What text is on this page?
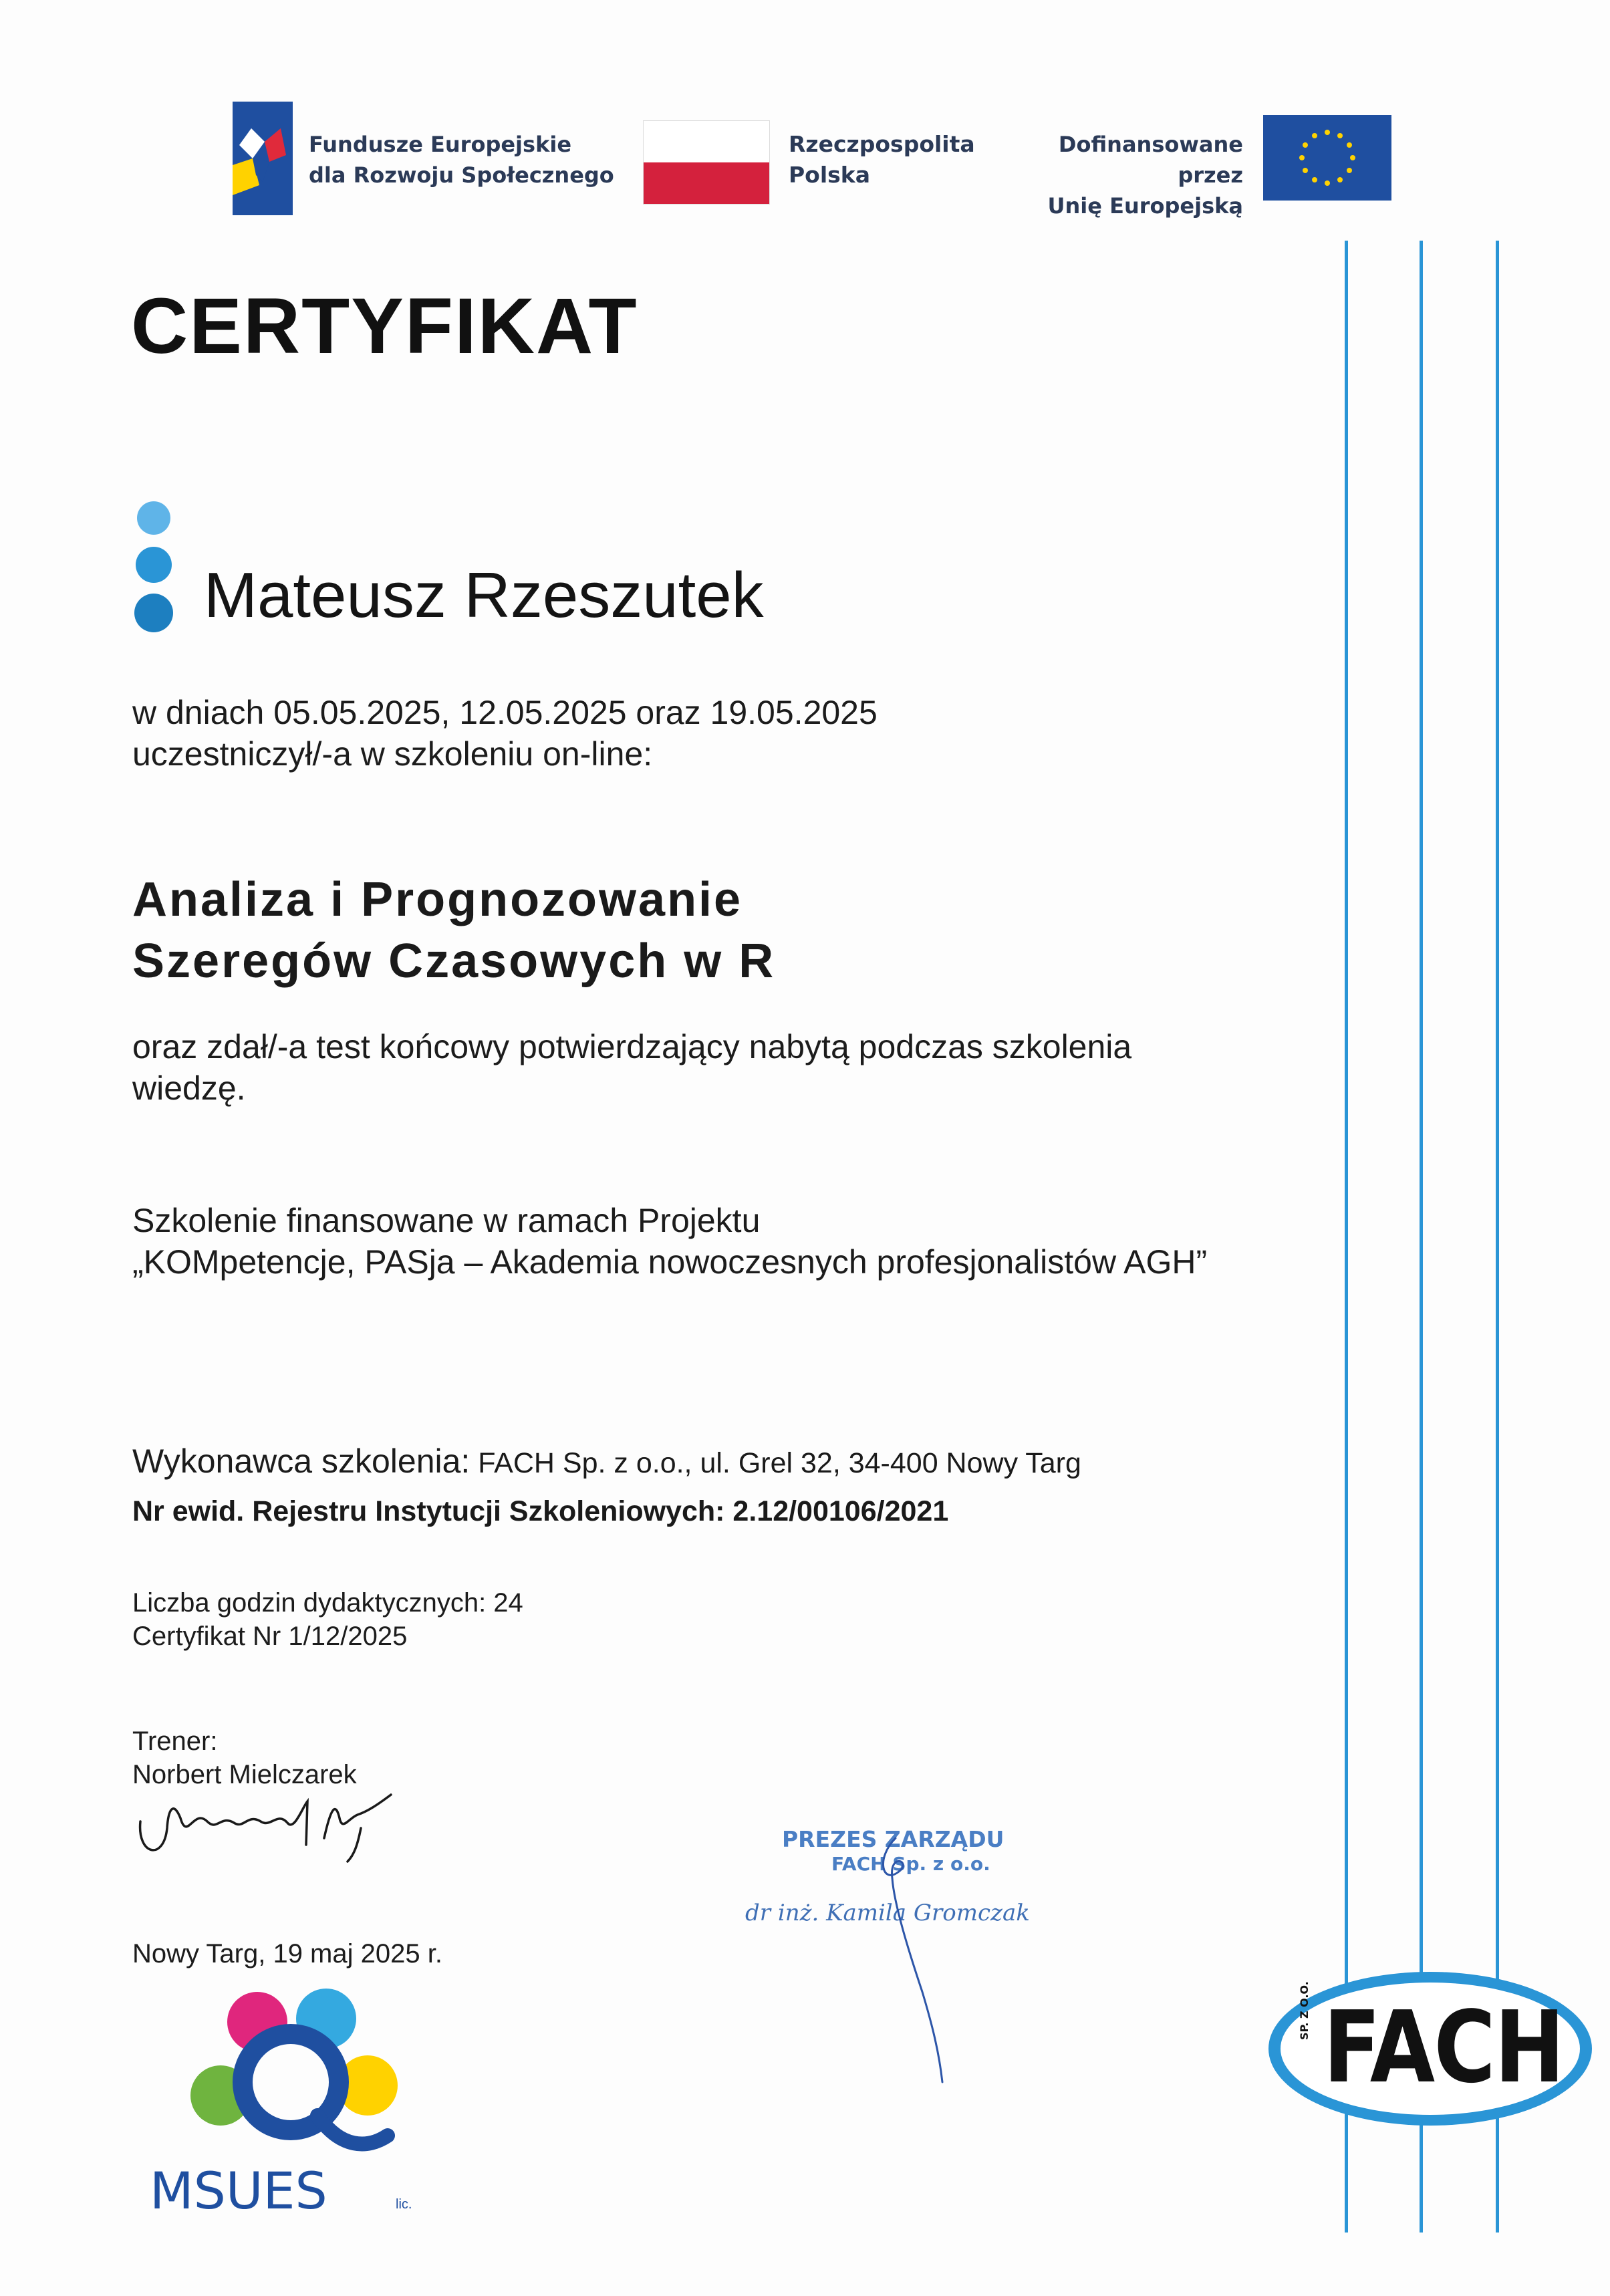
Fundusze Europejskie
dla Rozwoju Społecznego
Rzeczpospolita
Polska
Dofinansowane przez
Unię Europejską
CERTYFIKAT
Mateusz Rzeszutek
w dniach 05.05.2025, 12.05.2025 oraz 19.05.2025
uczestniczył/-a w szkoleniu on-line:
Analiza i Prognozowanie
Szeregów Czasowych w R
oraz zdał/-a test końcowy potwierdzający nabytą podczas szkolenia
wiedzę.
Szkolenie finansowane w ramach Projektu
„KOMpetencje, PASja – Akademia nowoczesnych profesjonalistów AGH”
Wykonawca szkolenia: FACH Sp. z o.o., ul. Grel 32, 34-400 Nowy Targ
Nr ewid. Rejestru Instytucji Szkoleniowych: 2.12/00106/2021
Liczba godzin dydaktycznych: 24
Certyfikat Nr 1/12/2025
Trener:
Norbert Mielczarek
Nowy Targ, 19 maj 2025 r.
PREZES ZARZĄDU
FACH Sp. z o.o.
dr inż. Kamila Gromczak
MSUES	lic.
SP. Z O.O. FACH
